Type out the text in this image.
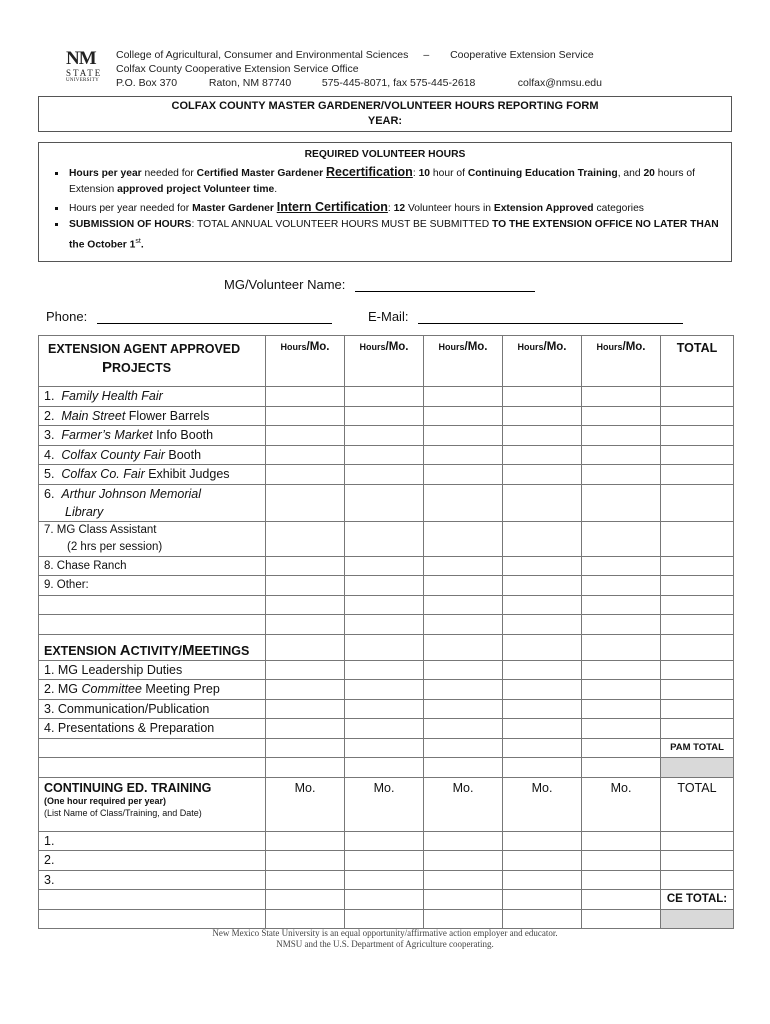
NM
STATE
UNIVERSITY
College of Agricultural, Consumer and Environmental Sciences – Cooperative Extension Service
Colfax County Cooperative Extension Service Office
P.O. Box 370	Raton, NM 87740	575-445-8071, fax 575-445-2618	colfax@nmsu.edu
COLFAX COUNTY MASTER GARDENER/VOLUNTEER HOURS REPORTING FORM
YEAR:
REQUIRED VOLUNTEER HOURS
▪ Hours per year needed for Certified Master Gardener Recertification: 10 hour of Continuing Education Training, and 20 hours of Extension approved project Volunteer time.
▪ Hours per year needed for Master Gardener Intern Certification: 12 Volunteer hours in Extension Approved categories
▪ SUBMISSION OF HOURS: TOTAL ANNUAL VOLUNTEER HOURS MUST BE SUBMITTED TO THE EXTENSION OFFICE NO LATER THAN the October 1st.
MG/Volunteer Name:
Phone:	E-Mail:
EXTENSION AGENT APPROVED
PROJECTS	Hours/Mo.	Hours/Mo.	Hours/Mo.	Hours/Mo.	Hours/Mo.	TOTAL
1. Family Health Fair						
2. Main Street Flower Barrels						
3. Farmer’s Market Info Booth						
4. Colfax County Fair Booth						
5. Colfax Co. Fair Exhibit Judges						
6. Arthur Johnson Memorial
Library						

7. MG Class Assistant
(2 hrs per session)						

8. Chase Ranch						
9. Other:						

EXTENSION ACTIVITY/MEETINGS						
1. MG Leadership Duties						
2. MG Committee Meeting Prep						
3. Communication/Publication						
4. Presentations & Preparation						
						PAM TOTAL

CONTINUING ED. TRAINING
(One hour required per year)
(List Name of Class/Training, and Date)	Mo.	Mo.	Mo.	Mo.	Mo.	TOTAL
1.						
2.						
3.						
						CE TOTAL:

New Mexico State University is an equal opportunity/affirmative action employer and educator.
NMSU and the U.S. Department of Agriculture cooperating.
